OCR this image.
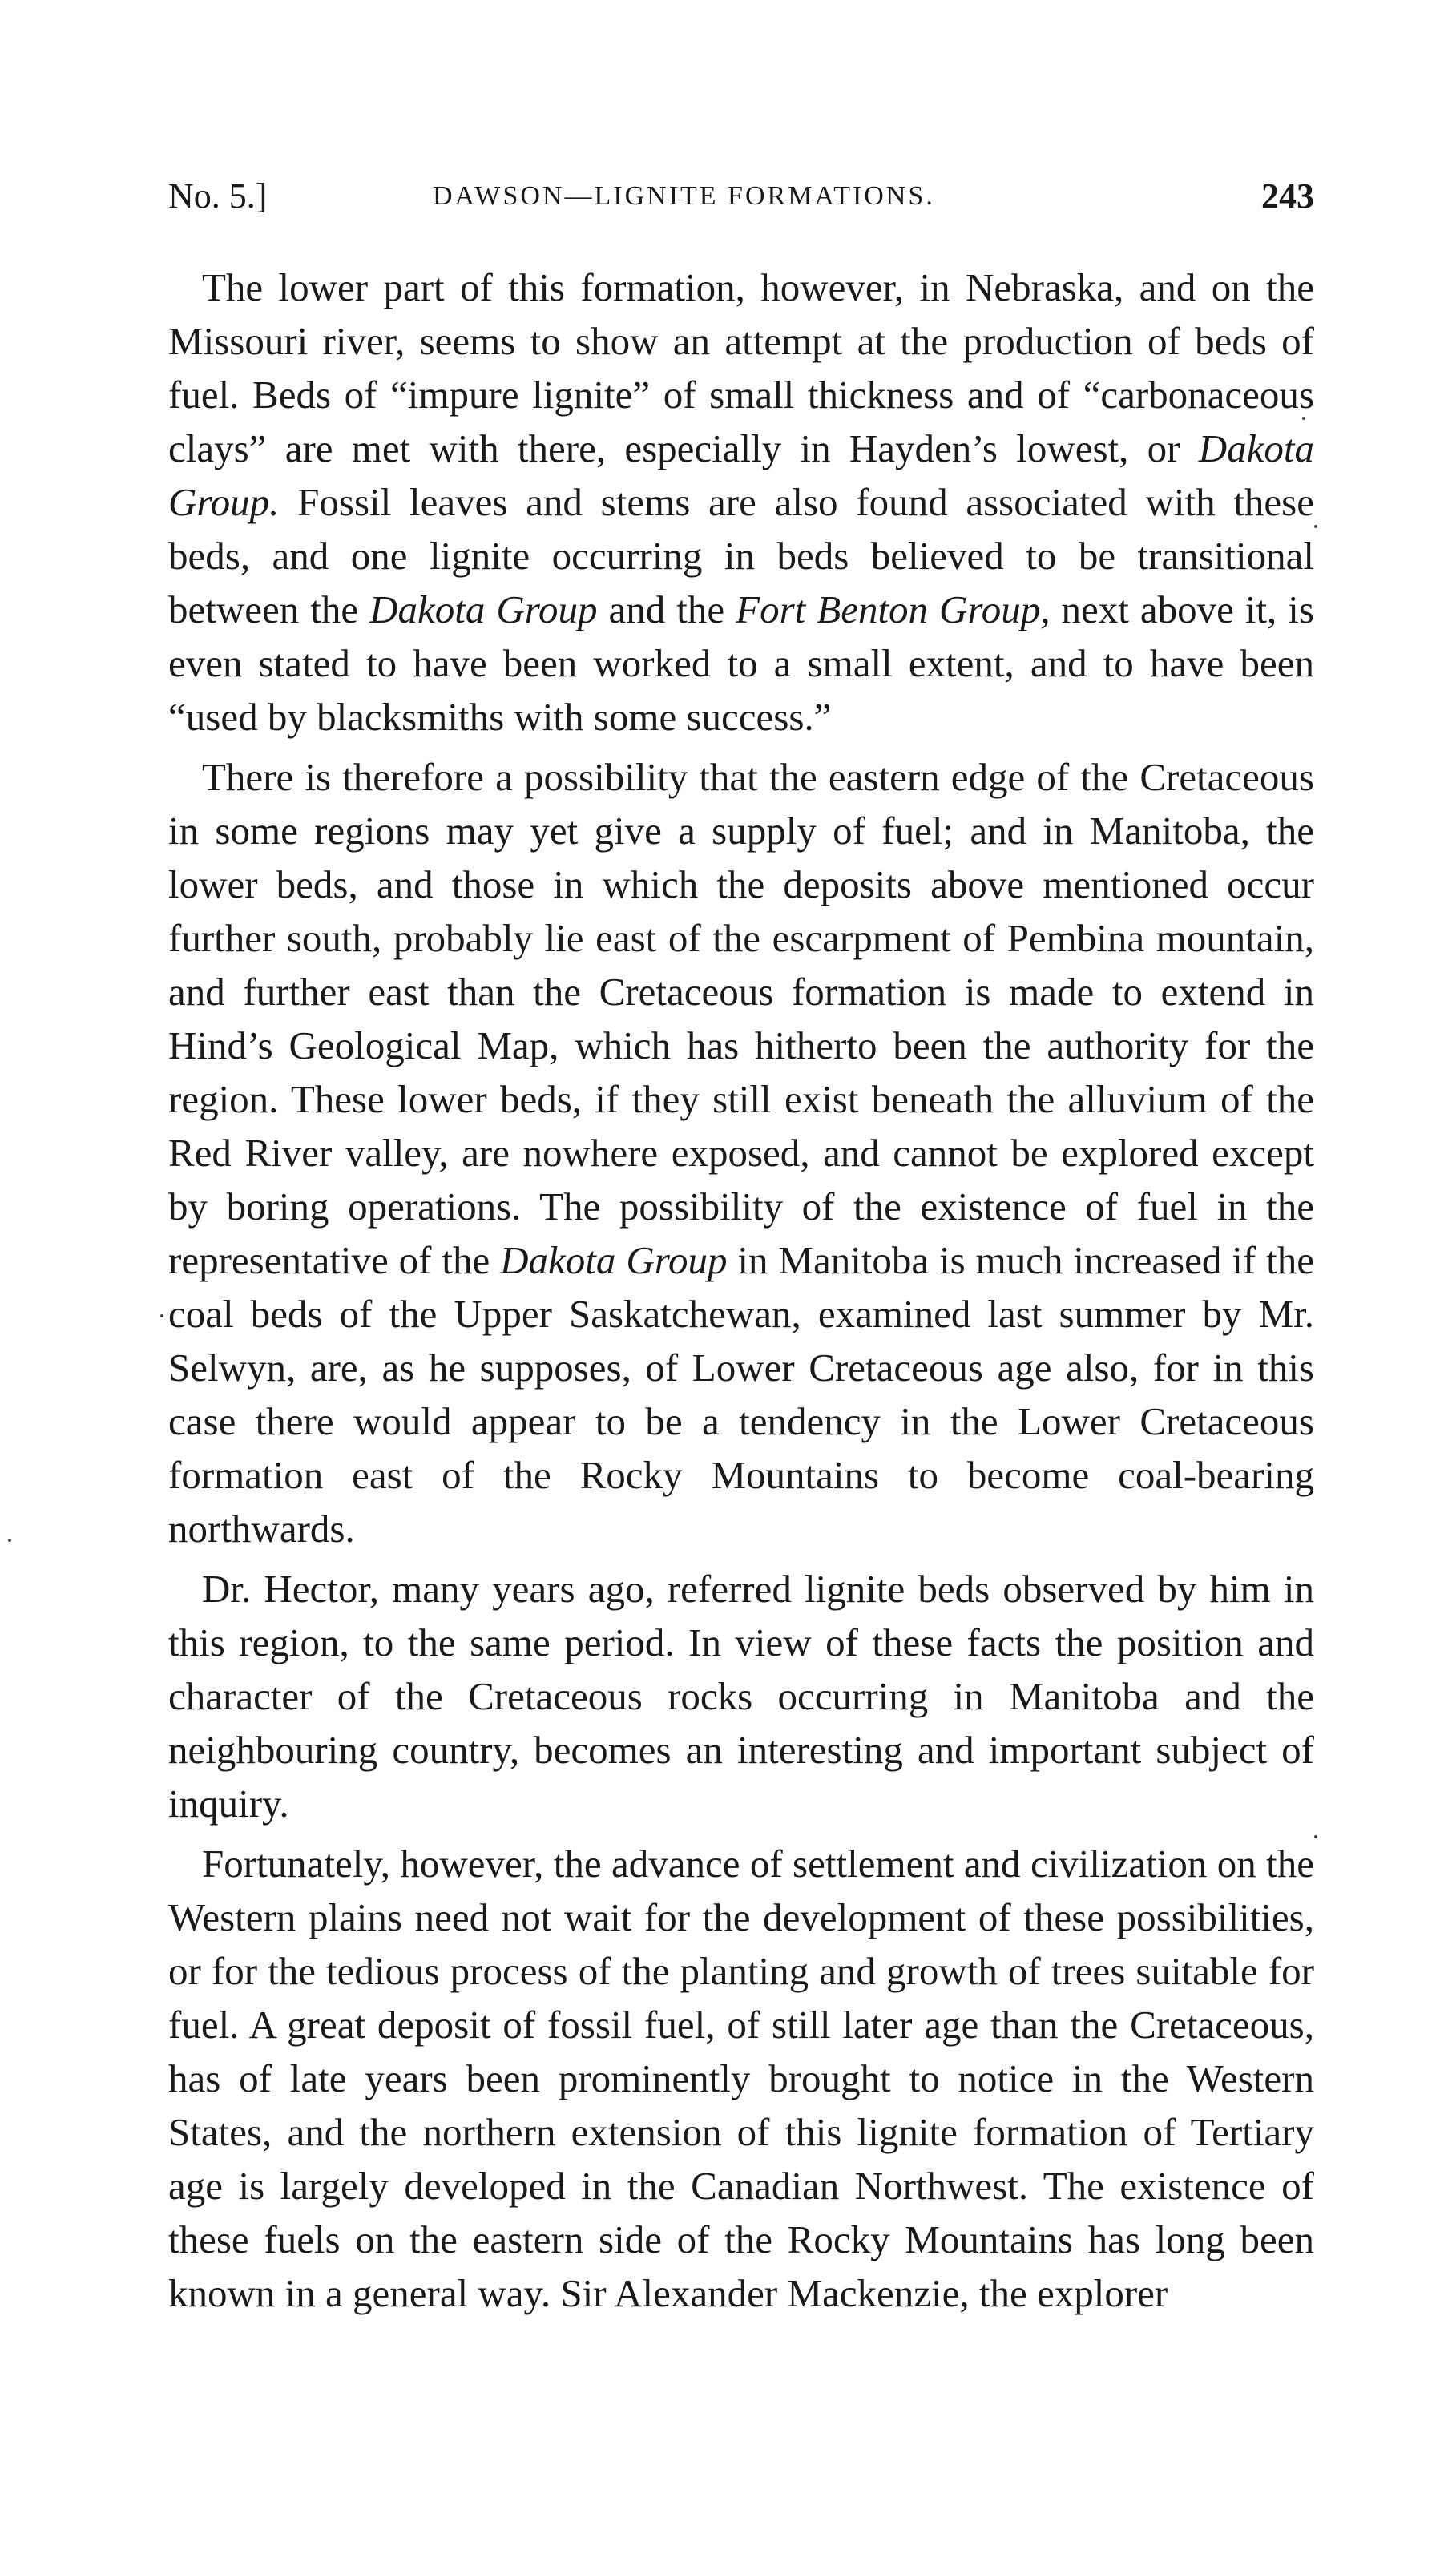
No. 5.]	DAWSON—LIGNITE FORMATIONS.	243

The lower part of this formation, however, in Nebraska, and on the Missouri river, seems to show an attempt at the production of beds of fuel. Beds of “impure lignite” of small thickness and of “carbonaceous clays” are met with there, especially in Hayden’s lowest, or Dakota Group. Fossil leaves and stems are also found associated with these beds, and one lignite occurring in beds believed to be transitional between the Dakota Group and the Fort Benton Group, next above it, is even stated to have been worked to a small extent, and to have been “used by blacksmiths with some success.”

There is therefore a possibility that the eastern edge of the Cretaceous in some regions may yet give a supply of fuel; and in Manitoba, the lower beds, and those in which the deposits above mentioned occur further south, probably lie east of the escarpment of Pembina mountain, and further east than the Cretaceous formation is made to extend in Hind’s Geological Map, which has hitherto been the authority for the region. These lower beds, if they still exist beneath the alluvium of the Red River valley, are nowhere exposed, and cannot be explored except by boring operations. The possibility of the existence of fuel in the representative of the Dakota Group in Manitoba is much increased if the coal beds of the Upper Saskatchewan, examined last summer by Mr. Selwyn, are, as he supposes, of Lower Cretaceous age also, for in this case there would appear to be a tendency in the Lower Cretaceous formation east of the Rocky Mountains to become coal-bearing northwards.

Dr. Hector, many years ago, referred lignite beds observed by him in this region, to the same period. In view of these facts the position and character of the Cretaceous rocks occurring in Manitoba and the neighbouring country, becomes an interesting and important subject of inquiry.

Fortunately, however, the advance of settlement and civilization on the Western plains need not wait for the development of these possibilities, or for the tedious process of the planting and growth of trees suitable for fuel. A great deposit of fossil fuel, of still later age than the Cretaceous, has of late years been prominently brought to notice in the Western States, and the northern extension of this lignite formation of Tertiary age is largely developed in the Canadian Northwest. The existence of these fuels on the eastern side of the Rocky Mountains has long been known in a general way. Sir Alexander Mackenzie, the explorer
